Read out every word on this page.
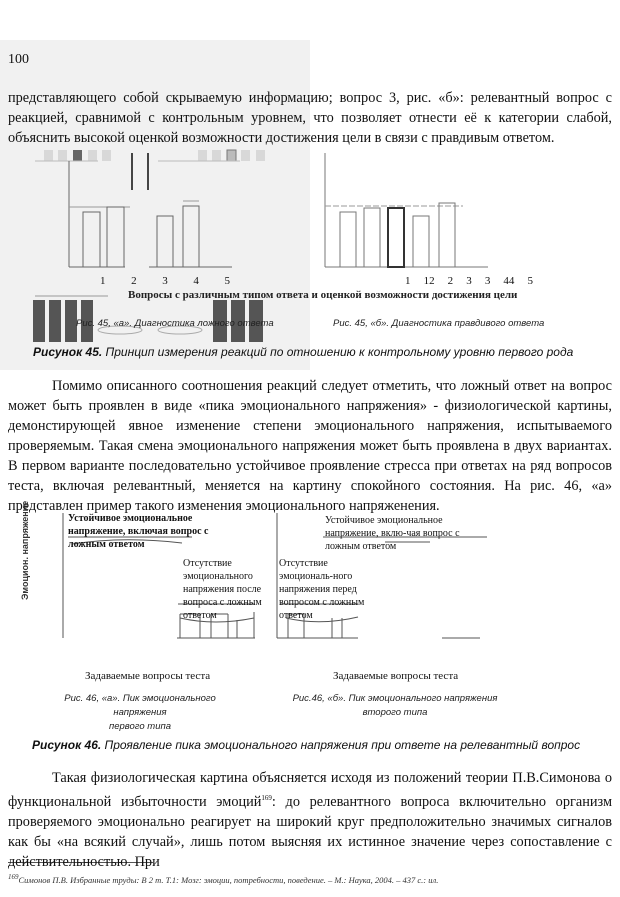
100

представляющего собой скрываемую информацию; вопрос 3, рис. «б»: релевантный вопрос с реакцией, сравнимой с контрольным уровнем, что позволяет отнести её к категории слабой, объяснить высокой оценкой возможности достижения цели в связи с правдивым ответом.

1 2 3 4 5	1 12 2 3 3 44 5
Вопросы с различным типом ответа и оценкой возможности достижения цели
Рис. 45, «а». Диагностика ложного ответа	Рис. 45, «б». Диагностика правдивого ответа
Рисунок 45. Принцип измерения реакций по отношению к контрольному уровню первого рода

Помимо описанного соотношения реакций следует отметить, что ложный ответ на вопрос может быть проявлен в виде «пика эмоционального напряжения» - физиологической картины, демонстирующей явное изменение степени эмоционального напряжения, испытываемого проверяемым. Такая смена эмоционального напряжения может быть проявлена в двух вариантах. В первом варианте последовательно устойчивое проявление стресса при ответах на ряд вопросов теста, включая релевантный, меняется на картину спокойного состояния. На рис. 46, «а» представлен пример такого изменения эмоционального напряженения.

Эмоцион. напряжение	Устойчивое эмоциональное напряжение, включая вопрос с ложным ответом
Отсутствие эмоционального напряжения после вопроса с ложным ответом
Устойчивое эмоциональное напряжение, вклю-чая вопрос с ложным ответом
Отсутствие эмоциональ-ного напряжения перед вопросом с ложным ответом
Задаваемые вопросы теста	Задаваемые вопросы теста
Рис. 46, «а». Пик эмоционального напряжения
первого типа
Рис.46, «б». Пик эмоционального напряжения
второго типа
Рисунок 46. Проявление пика эмоционального напряжения при ответе на релевантный вопрос

Такая физиологическая картина объясняется исходя из положений теории П.В.Симонова о функциональной избыточности эмоций$^{169}$: до релевантного вопроса включительно организм проверяемого эмоционально реагирует на широкий круг предположительно значимых сигналов как бы «на всякий случай», лишь потом выясняя их истинное значение через сопоставление с действительностью. При

$^{169}$Симонов П.В. Избранные труды: В 2 т. Т.1: Мозг: эмоции, потребности, поведение. – М.: Наука, 2004. – 437 с.: ил.
